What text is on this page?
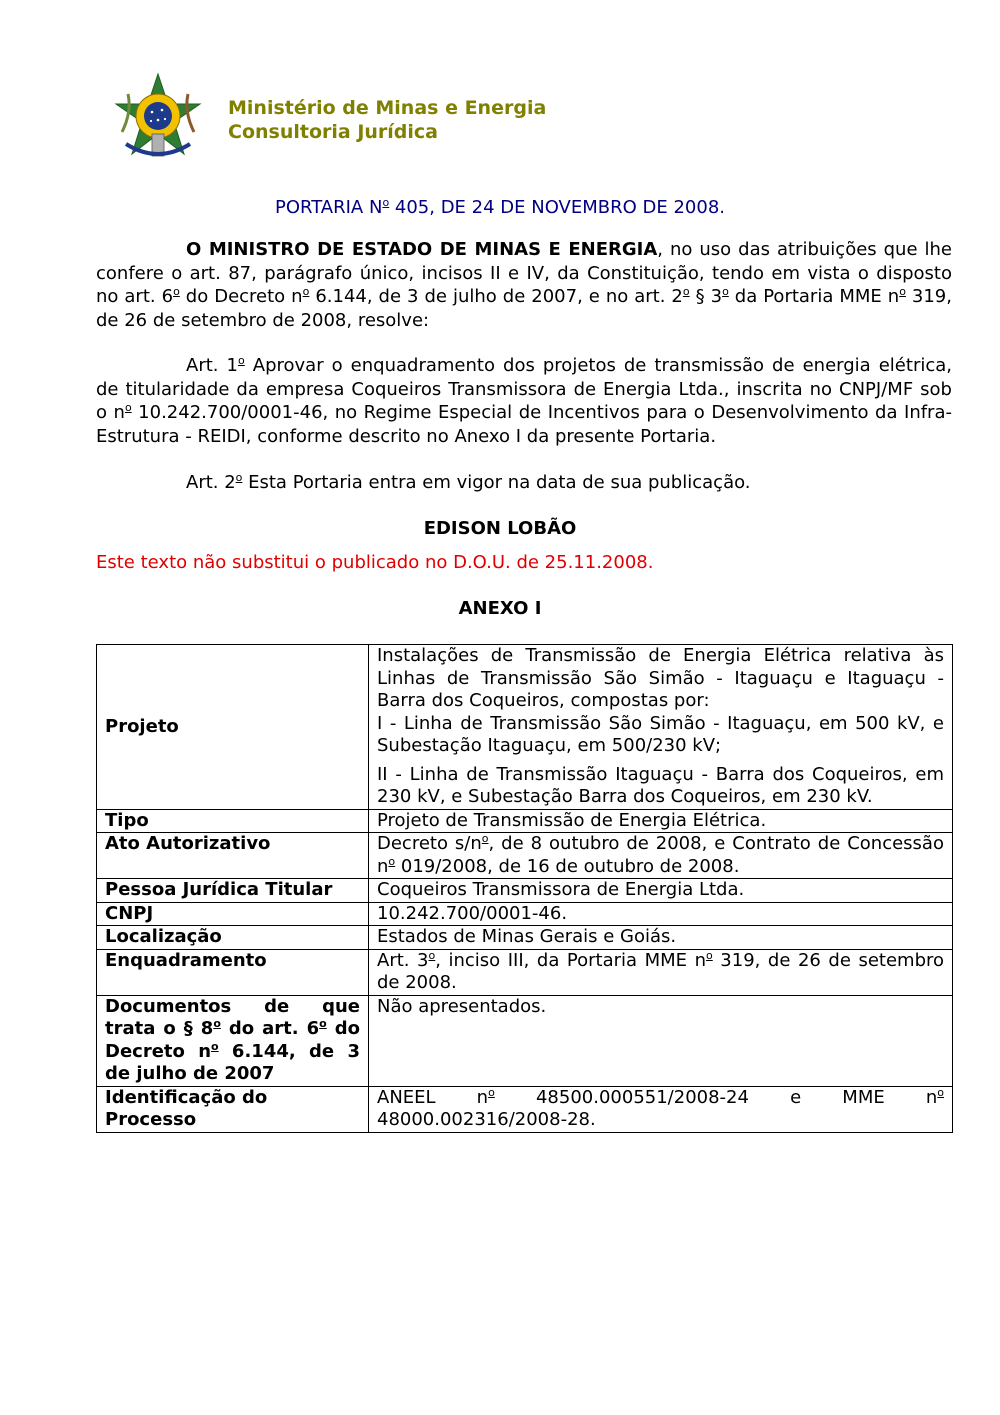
Ministério de Minas e Energia
Consultoria Jurídica
PORTARIA $N^o$ 405, DE 24 DE NOVEMBRO DE 2008.
O MINISTRO DE ESTADO DE MINAS E ENERGIA, no uso das atribuições que lhe confere o art. 87, parágrafo único, incisos II e IV, da Constituição, tendo em vista o disposto no art. 6$^o$ do Decreto $n^o$ 6.144, de 3 de julho de 2007, e no art. 2$^o$ § 3$^o$ da Portaria MME $n^o$ 319, de 26 de setembro de 2008, resolve:
Art. 1$^o$ Aprovar o enquadramento dos projetos de transmissão de energia elétrica, de titularidade da empresa Coqueiros Transmissora de Energia Ltda., inscrita no CNPJ/MF sob o $n^o$ 10.242.700/0001-46, no Regime Especial de Incentivos para o Desenvolvimento da Infra-Estrutura - REIDI, conforme descrito no Anexo I da presente Portaria.
Art. 2$^o$ Esta Portaria entra em vigor na data de sua publicação.
EDISON LOBÃO
Este texto não substitui o publicado no D.O.U. de 25.11.2008.
ANEXO I
Projeto	Instalações de Transmissão de Energia Elétrica relativa às Linhas de Transmissão São Simão - Itaguaçu e Itaguaçu - Barra dos Coqueiros, compostas por:
I - Linha de Transmissão São Simão - Itaguaçu, em 500 kV, e Subestação Itaguaçu, em 500/230 kV;
II - Linha de Transmissão Itaguaçu - Barra dos Coqueiros, em 230 kV, e Subestação Barra dos Coqueiros, em 230 kV.

Tipo	Projeto de Transmissão de Energia Elétrica.
Ato Autorizativo	Decreto $s/n^o$, de 8 outubro de 2008, e Contrato de Concessão $n^o$ 019/2008, de 16 de outubro de 2008.
Pessoa Jurídica Titular	Coqueiros Transmissora de Energia Ltda.
CNPJ	10.242.700/0001-46.
Localização	Estados de Minas Gerais e Goiás.
Enquadramento	Art. 3$^o$, inciso III, da Portaria MME $n^o$ 319, de 26 de setembro de 2008.
Documentos de que trata o § 8$^o$ do art. 6$^o$ do Decreto $n^o$ 6.144, de 3 de julho de 2007	Não apresentados.
Identificação do Processo	ANEEL $n^o$ 48500.000551/2008-24 e MME $n^o$ 48000.002316/2008-28.
